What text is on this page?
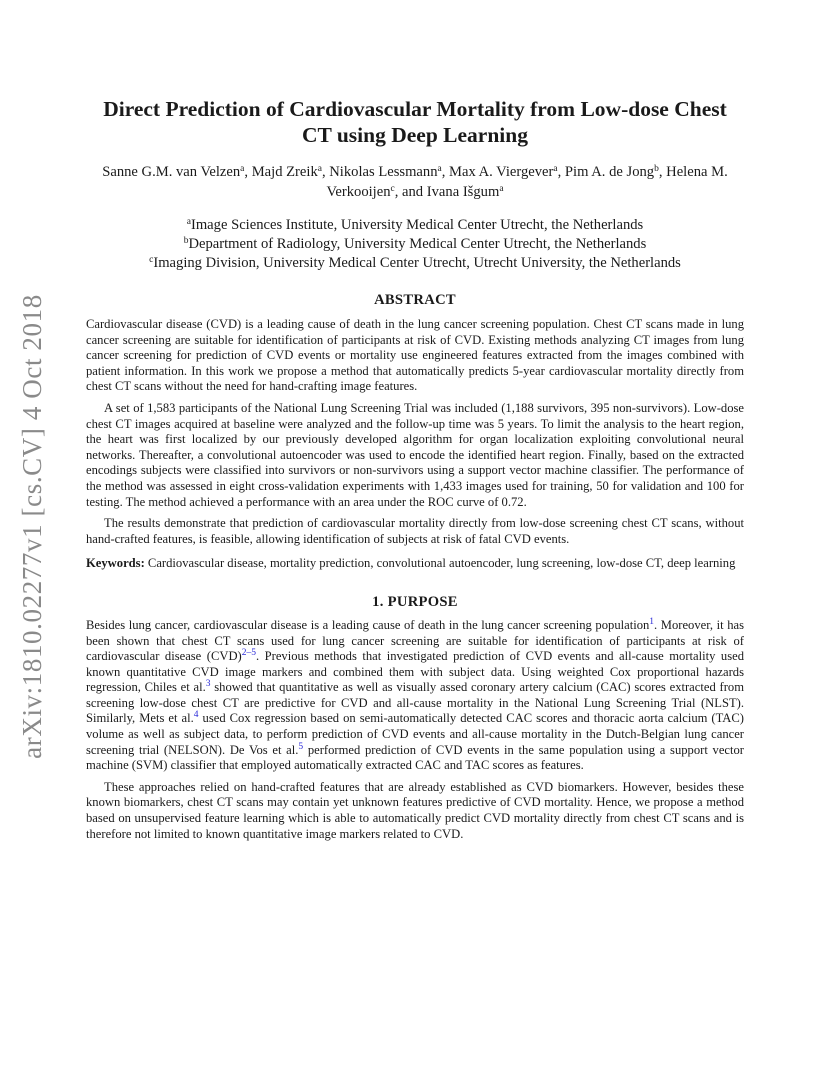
arXiv:1810.02277v1 [cs.CV] 4 Oct 2018
Direct Prediction of Cardiovascular Mortality from Low-dose Chest CT using Deep Learning
Sanne G.M. van Velzen$^a$, Majd Zreik$^a$, Nikolas Lessmann$^a$, Max A. Viergever$^a$, Pim A. de Jong$^b$, Helena M. Verkooijen$^c$, and Ivana Išgum$^a$
$^a$Image Sciences Institute, University Medical Center Utrecht, the Netherlands
$^b$Department of Radiology, University Medical Center Utrecht, the Netherlands
$^c$Imaging Division, University Medical Center Utrecht, Utrecht University, the Netherlands
ABSTRACT

Cardiovascular disease (CVD) is a leading cause of death in the lung cancer screening population. Chest CT scans made in lung cancer screening are suitable for identification of participants at risk of CVD. Existing methods analyzing CT images from lung cancer screening for prediction of CVD events or mortality use engineered features extracted from the images combined with patient information. In this work we propose a method that automatically predicts 5-year cardiovascular mortality directly from chest CT scans without the need for hand-crafting image features.

A set of 1,583 participants of the National Lung Screening Trial was included (1,188 survivors, 395 non-survivors). Low-dose chest CT images acquired at baseline were analyzed and the follow-up time was 5 years. To limit the analysis to the heart region, the heart was first localized by our previously developed algorithm for organ localization exploiting convolutional neural networks. Thereafter, a convolutional autoencoder was used to encode the identified heart region. Finally, based on the extracted encodings subjects were classified into survivors or non-survivors using a support vector machine classifier. The performance of the method was assessed in eight cross-validation experiments with 1,433 images used for training, 50 for validation and 100 for testing. The method achieved a performance with an area under the ROC curve of 0.72.

The results demonstrate that prediction of cardiovascular mortality directly from low-dose screening chest CT scans, without hand-crafted features, is feasible, allowing identification of subjects at risk of fatal CVD events.

Keywords: Cardiovascular disease, mortality prediction, convolutional autoencoder, lung screening, low-dose CT, deep learning
1. PURPOSE

Besides lung cancer, cardiovascular disease is a leading cause of death in the lung cancer screening population$^1$. Moreover, it has been shown that chest CT scans used for lung cancer screening are suitable for identification of participants at risk of cardiovascular disease (CVD)$^{2-5}$. Previous methods that investigated prediction of CVD events and all-cause mortality used known quantitative CVD image markers and combined them with subject data. Using weighted Cox proportional hazards regression, Chiles et al.$^3$ showed that quantitative as well as visually assed coronary artery calcium (CAC) scores extracted from screening low-dose chest CT are predictive for CVD and all-cause mortality in the National Lung Screening Trial (NLST). Similarly, Mets et al.$^4$ used Cox regression based on semi-automatically detected CAC scores and thoracic aorta calcium (TAC) volume as well as subject data, to perform prediction of CVD events and all-cause mortality in the Dutch-Belgian lung cancer screening trial (NELSON). De Vos et al.$^5$ performed prediction of CVD events in the same population using a support vector machine (SVM) classifier that employed automatically extracted CAC and TAC scores as features.

These approaches relied on hand-crafted features that are already established as CVD biomarkers. However, besides these known biomarkers, chest CT scans may contain yet unknown features predictive of CVD mortality. Hence, we propose a method based on unsupervised feature learning which is able to automatically predict CVD mortality directly from chest CT scans and is therefore not limited to known quantitative image markers related to CVD.
